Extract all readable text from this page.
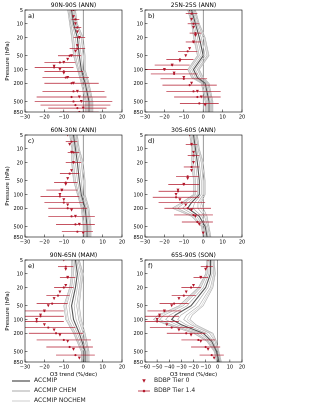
90N-90S (ANN)
a)
5
10
20
50
100
200
500
850
−30 −20 −10	0	10	20
Pressure (hPa)
25N-25S (ANN)
b)
5
10
20
50
100
200
500
850
−30 −20 −10	0	10	20
60N-30N (ANN)
c)
5
10
20
50
100
200
500
850
−30 −20 −10	0	10	20
Pressure (hPa)
30S-60S (ANN)
d)
5
10
20
50
100
200
500
850
−30 −20 −10	0	10	20
90N-65N (MAM)
e)
5
10
20
50
100
200
500
850
−30 −20 −10	0	10	20
Pressure (hPa)
O3 trend (%/dec)
65S-90S (SON)
f)
5
10
20
50
100
200
500
850
−60 −50 −40 −30 −20 −10 0 10 20
O3 trend (%/dec)
ACCMIP
ACCMIP CHEM
ACCMIP NOCHEM
BDBP Tier 0
BDBP Tier 1.4
